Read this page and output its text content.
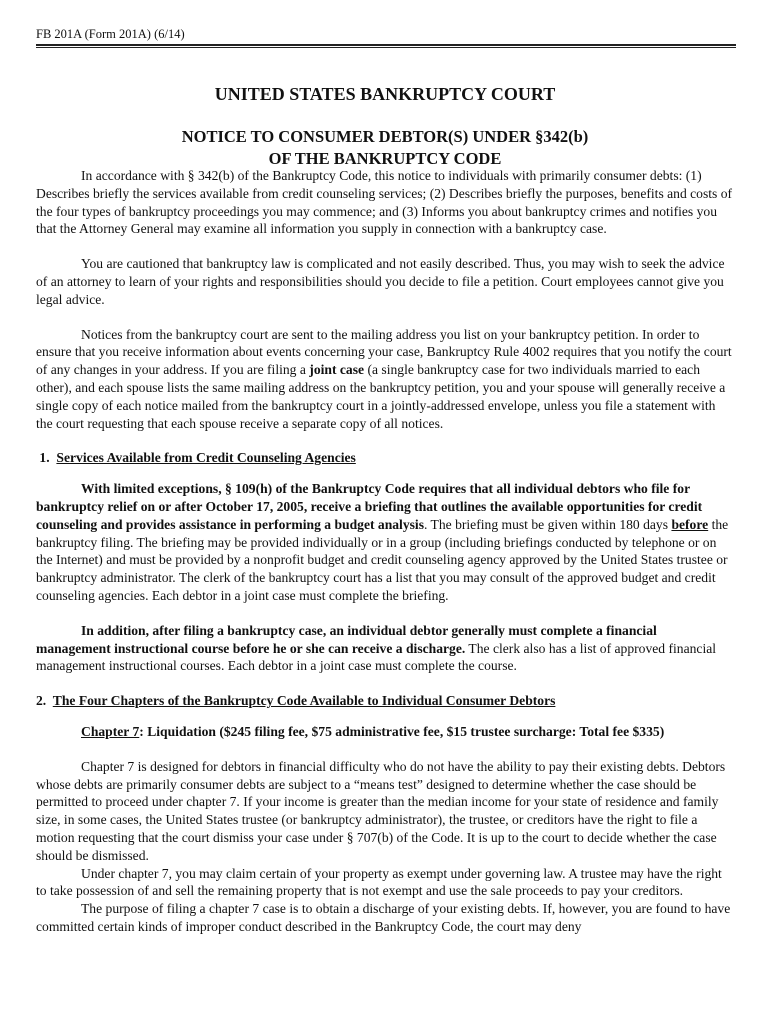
FB 201A (Form 201A) (6/14)

UNITED STATES BANKRUPTCY COURT
NOTICE TO CONSUMER DEBTOR(S) UNDER §342(b)
OF THE BANKRUPTCY CODE

In accordance with § 342(b) of the Bankruptcy Code, this notice to individuals with primarily consumer debts: (1) Describes briefly the services available from credit counseling services; (2) Describes briefly the purposes, benefits and costs of the four types of bankruptcy proceedings you may commence; and (3) Informs you about bankruptcy crimes and notifies you that the Attorney General may examine all information you supply in connection with a bankruptcy case.

You are cautioned that bankruptcy law is complicated and not easily described. Thus, you may wish to seek the advice of an attorney to learn of your rights and responsibilities should you decide to file a petition. Court employees cannot give you legal advice.

Notices from the bankruptcy court are sent to the mailing address you list on your bankruptcy petition. In order to ensure that you receive information about events concerning your case, Bankruptcy Rule 4002 requires that you notify the court of any changes in your address. If you are filing a joint case (a single bankruptcy case for two individuals married to each other), and each spouse lists the same mailing address on the bankruptcy petition, you and your spouse will generally receive a single copy of each notice mailed from the bankruptcy court in a jointly-addressed envelope, unless you file a statement with the court requesting that each spouse receive a separate copy of all notices.

1. Services Available from Credit Counseling Agencies

With limited exceptions, § 109(h) of the Bankruptcy Code requires that all individual debtors who file for bankruptcy relief on or after October 17, 2005, receive a briefing that outlines the available opportunities for credit counseling and provides assistance in performing a budget analysis. The briefing must be given within 180 days before the bankruptcy filing. The briefing may be provided individually or in a group (including briefings conducted by telephone or on the Internet) and must be provided by a nonprofit budget and credit counseling agency approved by the United States trustee or bankruptcy administrator. The clerk of the bankruptcy court has a list that you may consult of the approved budget and credit counseling agencies. Each debtor in a joint case must complete the briefing.

In addition, after filing a bankruptcy case, an individual debtor generally must complete a financial management instructional course before he or she can receive a discharge. The clerk also has a list of approved financial management instructional courses. Each debtor in a joint case must complete the course.

2. The Four Chapters of the Bankruptcy Code Available to Individual Consumer Debtors

Chapter 7: Liquidation ($245 filing fee, $75 administrative fee, $15 trustee surcharge: Total fee $335)

Chapter 7 is designed for debtors in financial difficulty who do not have the ability to pay their existing debts. Debtors whose debts are primarily consumer debts are subject to a “means test” designed to determine whether the case should be permitted to proceed under chapter 7. If your income is greater than the median income for your state of residence and family size, in some cases, the United States trustee (or bankruptcy administrator), the trustee, or creditors have the right to file a motion requesting that the court dismiss your case under § 707(b) of the Code. It is up to the court to decide whether the case should be dismissed.

Under chapter 7, you may claim certain of your property as exempt under governing law. A trustee may have the right to take possession of and sell the remaining property that is not exempt and use the sale proceeds to pay your creditors.

The purpose of filing a chapter 7 case is to obtain a discharge of your existing debts. If, however, you are found to have committed certain kinds of improper conduct described in the Bankruptcy Code, the court may deny
